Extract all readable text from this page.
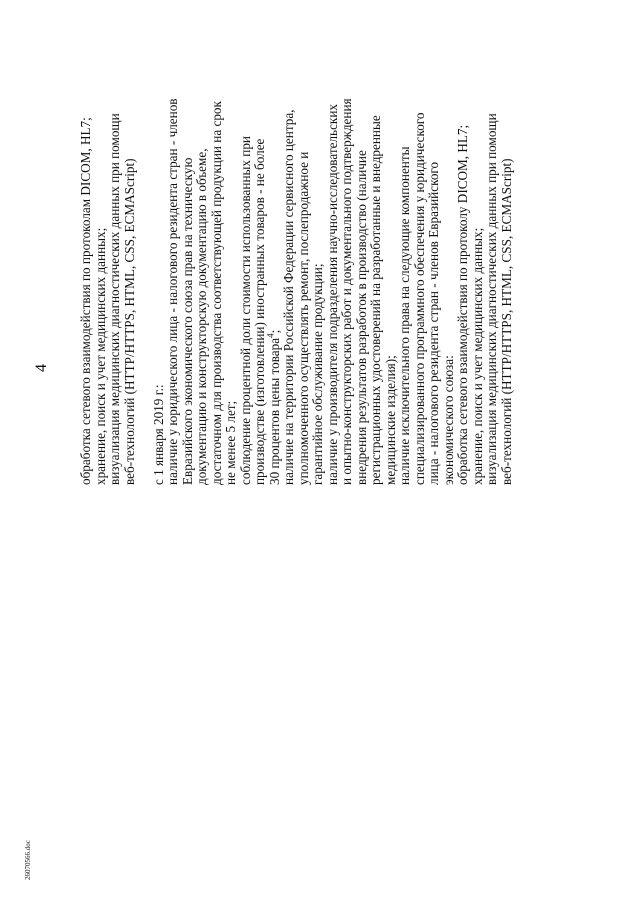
обработка сетевого взаимодействия по протоколам DICOM, HL7; хранение, поиск и учет медицинских данных; визуализация медицинских диагностических данных при помощи веб-технологий (HTTP/HTTPS, HTML, CSS, ECMAScript) с 1 января 2019 г.: наличие у юридического лица - налогового резидента стран - членов Евразийского экономического союза прав на техническую документацию и конструкторскую документацию в объеме, достаточном для производства соответствующей продукции на срок не менее 5 лет; соблюдение процентной доли стоимости использованных при производстве (изготовлении) иностранных товаров - не более 30 процентов цены товара$^4$; наличие на территории Российской Федерации сервисного центра, уполномоченного осуществлять ремонт, послепродажное и гарантийное обслуживание продукции; наличие у производителя подразделения научно-исследовательских и опытно-конструкторских работ и документального подтверждения внедрения результатов разработок в производство (наличие регистрационных удостоверений на разработанные и внедренные медицинские изделия); наличие исключительного права на следующие компоненты специализированного программного обеспечения у юридического лица - налогового резидента стран - членов Евразийского экономического союза: обработка сетевого взаимодействия по протоколу DICOM, HL7; хранение, поиск и учет медицинских данных; визуализация медицинских диагностических данных при помощи веб-технологий (HTTP/HTTPS, HTML, CSS, ECMAScript)
4
26070566.doc
